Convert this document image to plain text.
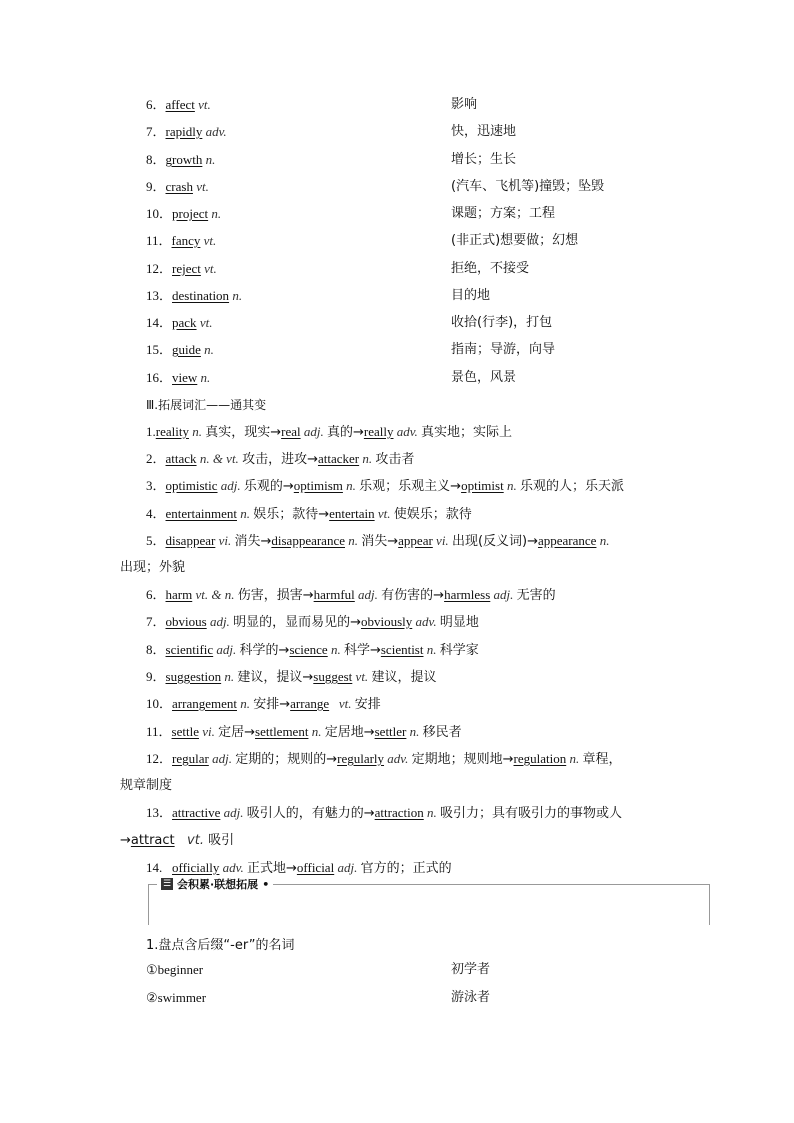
6．affect vt.	影响
7．rapidly adv.	快，迅速地
8．growth n.	增长；生长
9．crash vt.	(汽车、飞机等)撞毁；坠毁
10．project n.	课题；方案；工程
11．fancy vt.	(非正式)想要做；幻想
12．reject vt.	拒绝，不接受
13．destination n.	目的地
14．pack vt.	收拾(行李)，打包
15．guide n.	指南；导游，向导
16．view n.	景色，风景
Ⅲ.拓展词汇——通其变
1.reality n. 真实，现实→real adj. 真的→really adv. 真实地；实际上
2．attack n. & vt. 攻击，进攻→attacker n. 攻击者
3．optimistic adj. 乐观的→optimism n. 乐观；乐观主义→optimist n. 乐观的人；乐天派
4．entertainment n. 娱乐；款待→entertain vt. 使娱乐；款待
5．disappear vi. 消失→disappearance n. 消失→appear vi. 出现(反义词)→appearance n.
出现；外貌
6．harm vt. & n. 伤害，损害→harmful adj. 有伤害的→harmless adj. 无害的
7．obvious adj. 明显的，显而易见的→obviously adv. 明显地
8．scientific adj. 科学的→science n. 科学→scientist n. 科学家
9．suggestion n. 建议，提议→suggest vt. 建议，提议
10．arrangement n. 安排→arrange vt. 安排
11．settle vi. 定居→settlement n. 定居地→settler n. 移民者
12．regular adj. 定期的；规则的→regularly adv. 定期地；规则地→regulation n. 章程，
规章制度
13．attractive adj. 吸引人的，有魅力的→attraction n. 吸引力；具有吸引力的事物或人
→attract vt. 吸引
14. officially adv. 正式地→official adj. 官方的；正式的
☰ 会积累·联想拓展 •
1.盘点含后缀“-er”的名词
①beginner	初学者
②swimmer	游泳者
